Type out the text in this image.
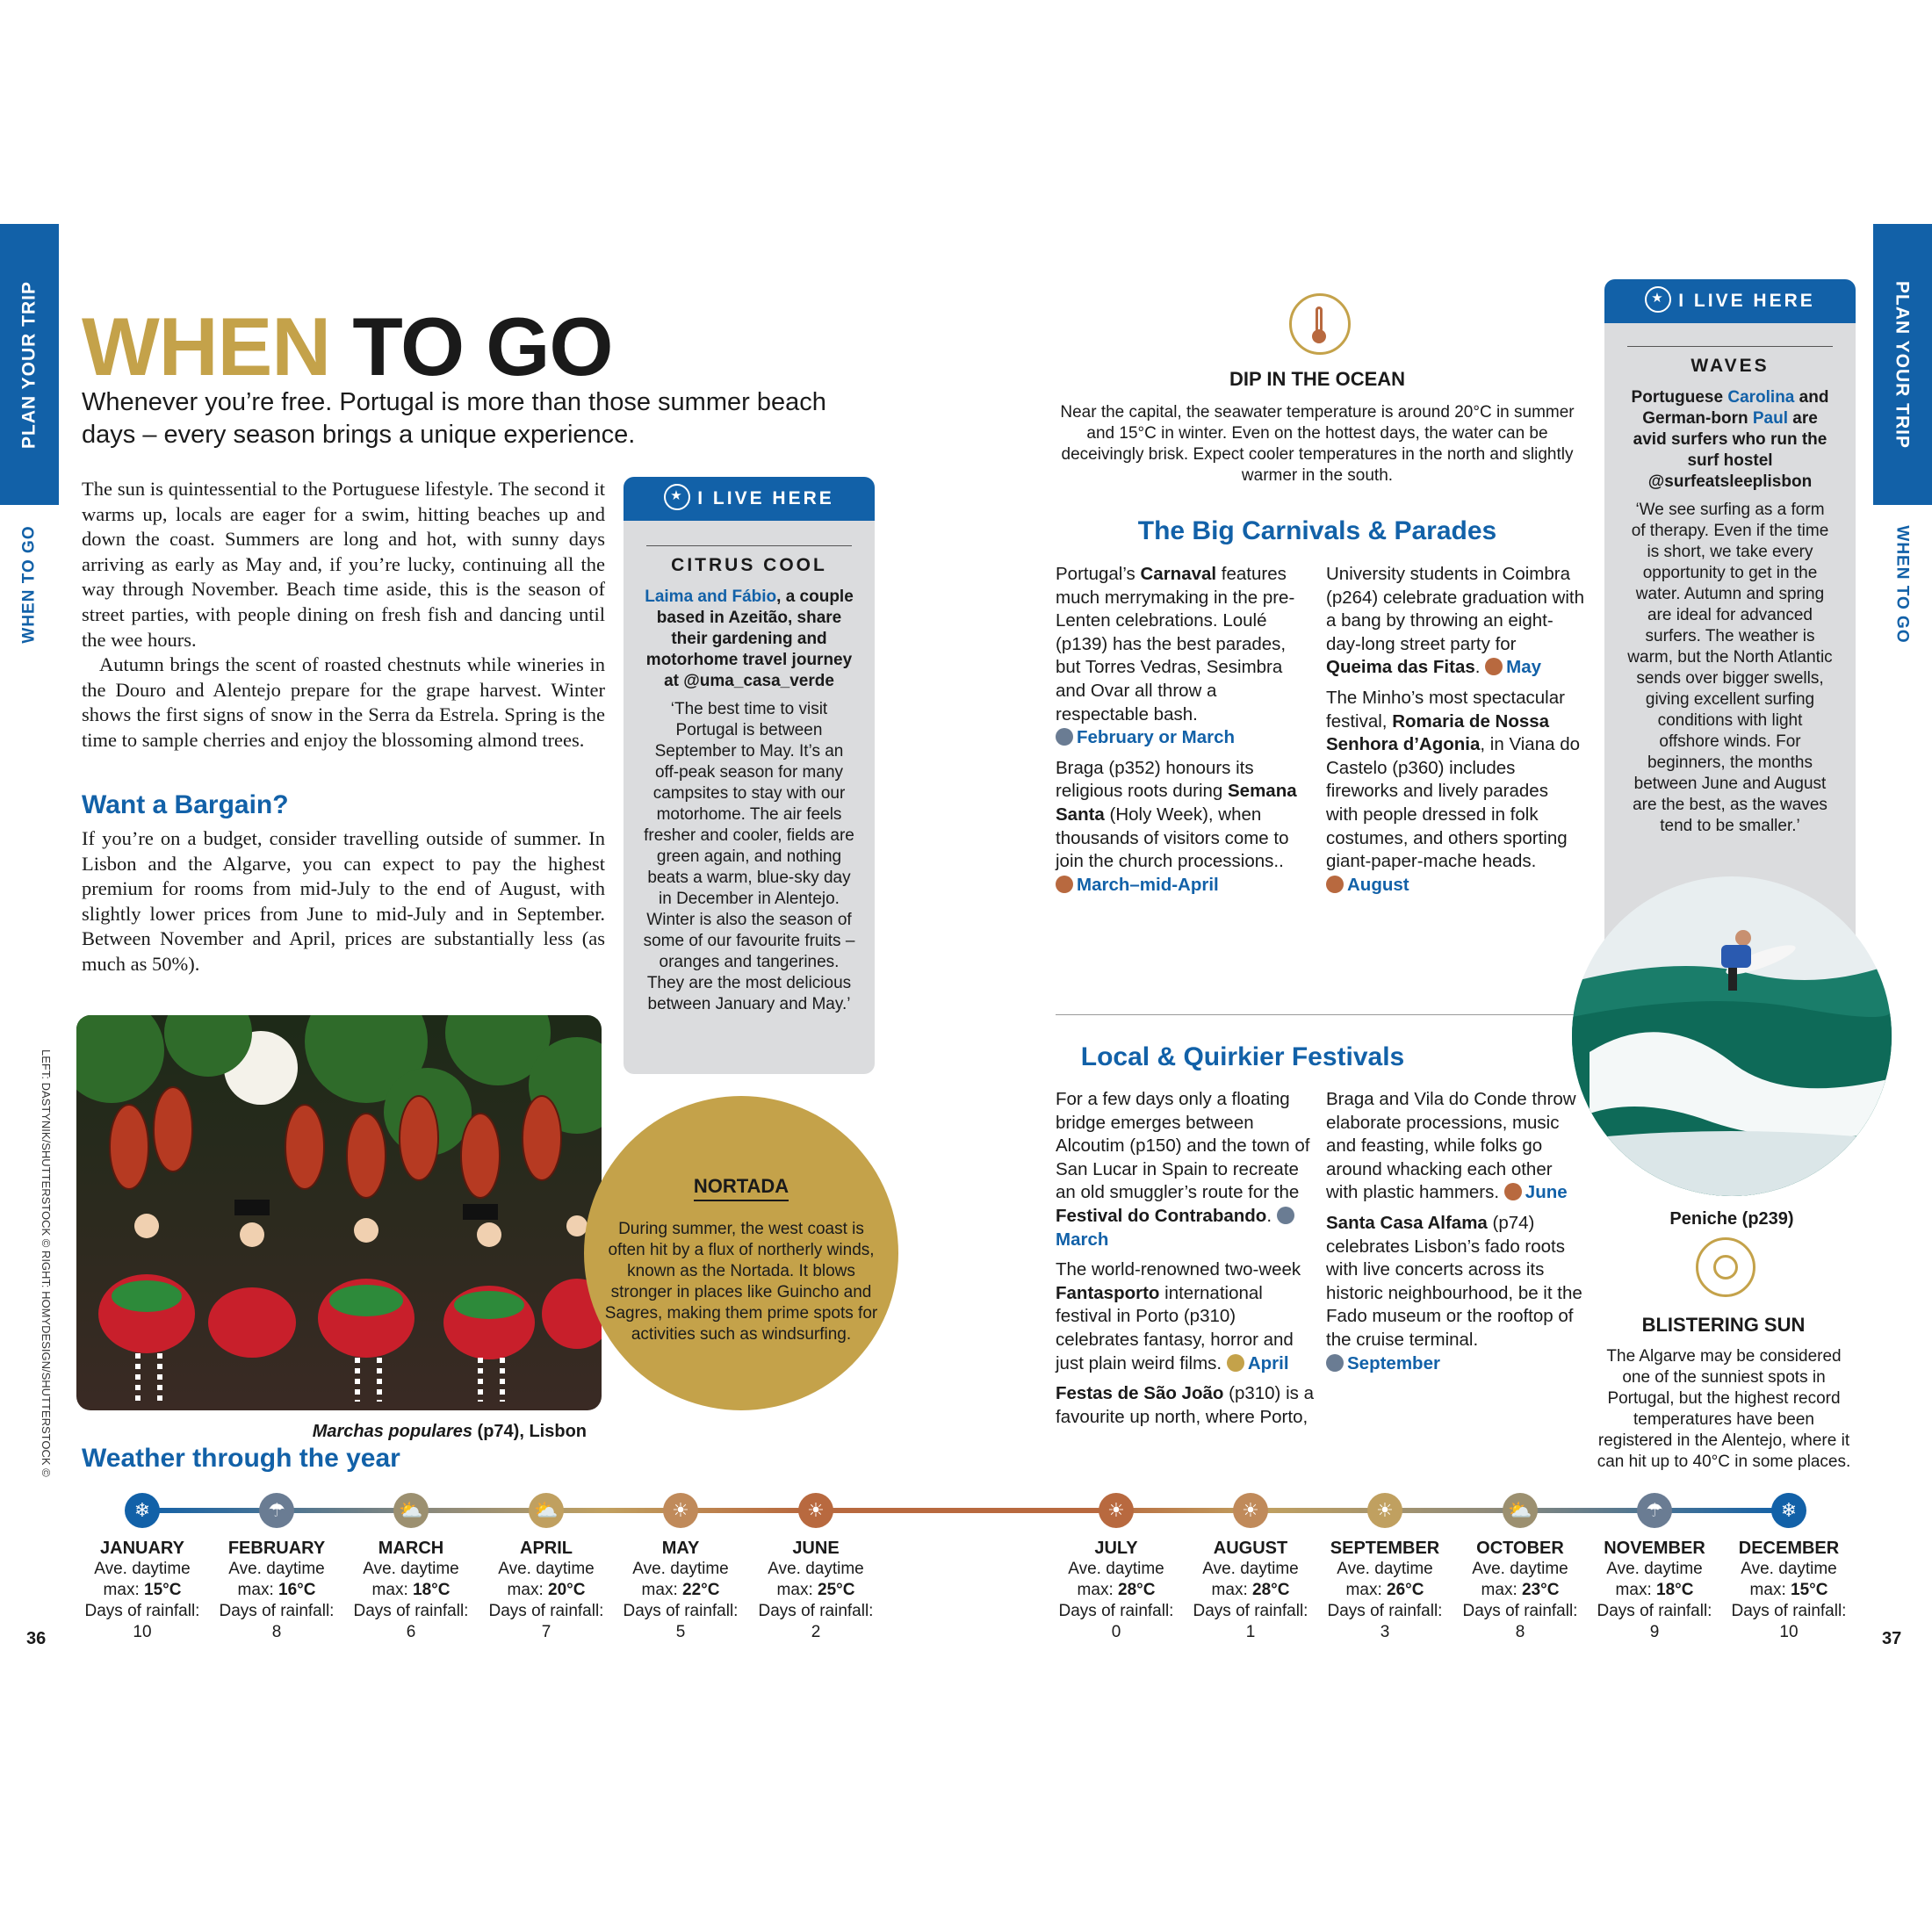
PLAN YOUR TRIP
WHEN TO GO
PLAN YOUR TRIP
WHEN TO GO
WHEN TO GO
Whenever you’re free. Portugal is more than those summer beach days – every season brings a unique experience.
The sun is quintessential to the Portuguese lifestyle. The second it warms up, locals are eager for a swim, hitting beaches up and down the coast. Summers are long and hot, with sunny days arriving as early as May and, if you’re lucky, continuing all the way through November. Beach time aside, this is the season of street parties, with people dining on fresh fish and dancing until the wee hours.
Autumn brings the scent of roasted chestnuts while wineries in the Douro and Alentejo prepare for the grape harvest. Winter shows the first signs of snow in the Serra da Estrela. Spring is the time to sample cherries and enjoy the blossoming almond trees.
Want a Bargain?
If you’re on a budget, consider travelling outside of summer. In Lisbon and the Algarve, you can expect to pay the highest premium for rooms from mid-July to the end of August, with slightly lower prices from June to mid-July and in September. Between November and April, prices are substantially less (as much as 50%).
★I LIVE HERE
CITRUS COOL
Laima and Fábio, a couple based in Azeitão, share their gardening and motorhome travel journey at @uma_casa_verde
‘The best time to visit Portugal is between September to May. It’s an off-peak season for many campsites to stay with our motorhome. The air feels fresher and cooler, fields are green again, and nothing beats a warm, blue-sky day in December in Alentejo. Winter is also the season of some of our favourite fruits – oranges and tangerines. They are the most delicious between January and May.’
LEFT: DASTYNIK/SHUTTERSTOCK © RIGHT: HOMYDESIGN/SHUTTERSTOCK ©	Marchas populares (p74), Lisbon
NORTADA
During summer, the west coast is often hit by a flux of northerly winds, known as the Nortada. It blows stronger in places like Guincho and Sagres, making them prime spots for activities such as windsurfing.
DIP IN THE OCEAN
Near the capital, the seawater temperature is around 20°C in summer and 15°C in winter. Even on the hottest days, the water can be deceivingly brisk. Expect cooler temperatures in the north and slightly warmer in the south.
The Big Carnivals & Parades

Portugal’s Carnaval features much merrymaking in the pre-Lenten celebrations. Loulé (p139) has the best parades, but Torres Vedras, Sesimbra and Ovar all throw a respectable bash.
February or March

Braga (p352) honours its religious roots during Semana Santa (Holy Week), when thousands of visitors come to join the church processions..
March–mid-April

University students in Coimbra (p264) celebrate graduation with a bang by throwing an eight-day-long street party for Queima das Fitas. May

The Minho’s most spectacular festival, Romaria de Nossa Senhora d’Agonia, in Viana do Castelo (p360) includes fireworks and lively parades with people dressed in folk costumes, and others sporting giant-paper-mache heads.
August

Local & Quirkier Festivals

For a few days only a floating bridge emerges between Alcoutim (p150) and the town of San Lucar in Spain to recreate an old smuggler’s route for the Festival do Contrabando.
March

The world-renowned two-week Fantasporto international festival in Porto (p310) celebrates fantasy, horror and just plain weird films. April

Festas de São João (p310) is a favourite up north, where Porto,

Braga and Vila do Conde throw elaborate processions, music and feasting, while folks go around whacking each other with plastic hammers. June

Santa Casa Alfama (p74) celebrates Lisbon’s fado roots with live concerts across its historic neighbourhood, be it the Fado museum or the rooftop of the cruise terminal.
September

★I LIVE HERE
WAVES
Portuguese Carolina and German-born Paul are avid surfers who run the surf hostel @surfeatsleeplisbon
‘We see surfing as a form of therapy. Even if the time is short, we take every opportunity to get in the water. Autumn and spring are ideal for advanced surfers. The weather is warm, but the North Atlantic sends over bigger swells, giving excellent surfing conditions with light offshore winds. For beginners, the months between June and August are the best, as the waves tend to be smaller.’
Peniche (p239)
BLISTERING SUN
The Algarve may be considered one of the sunniest spots in Portugal, but the highest record temperatures have been registered in the Alentejo, where it can hit up to 40°C in some places.
Weather through the year
❄
JANUARY
Ave. daytime
max: 15°C
Days of rainfall:
10
☂
FEBRUARY
Ave. daytime
max: 16°C
Days of rainfall:
8
⛅
MARCH
Ave. daytime
max: 18°C
Days of rainfall:
6
⛅
APRIL
Ave. daytime
max: 20°C
Days of rainfall:
7
☀
MAY
Ave. daytime
max: 22°C
Days of rainfall:
5
☀
JUNE
Ave. daytime
max: 25°C
Days of rainfall:
2
☀
JULY
Ave. daytime
max: 28°C
Days of rainfall:
0
☀
AUGUST
Ave. daytime
max: 28°C
Days of rainfall:
1
☀
SEPTEMBER
Ave. daytime
max: 26°C
Days of rainfall:
3
⛅
OCTOBER
Ave. daytime
max: 23°C
Days of rainfall:
8
☂
NOVEMBER
Ave. daytime
max: 18°C
Days of rainfall:
9
❄
DECEMBER
Ave. daytime
max: 15°C
Days of rainfall:
10
36	37
